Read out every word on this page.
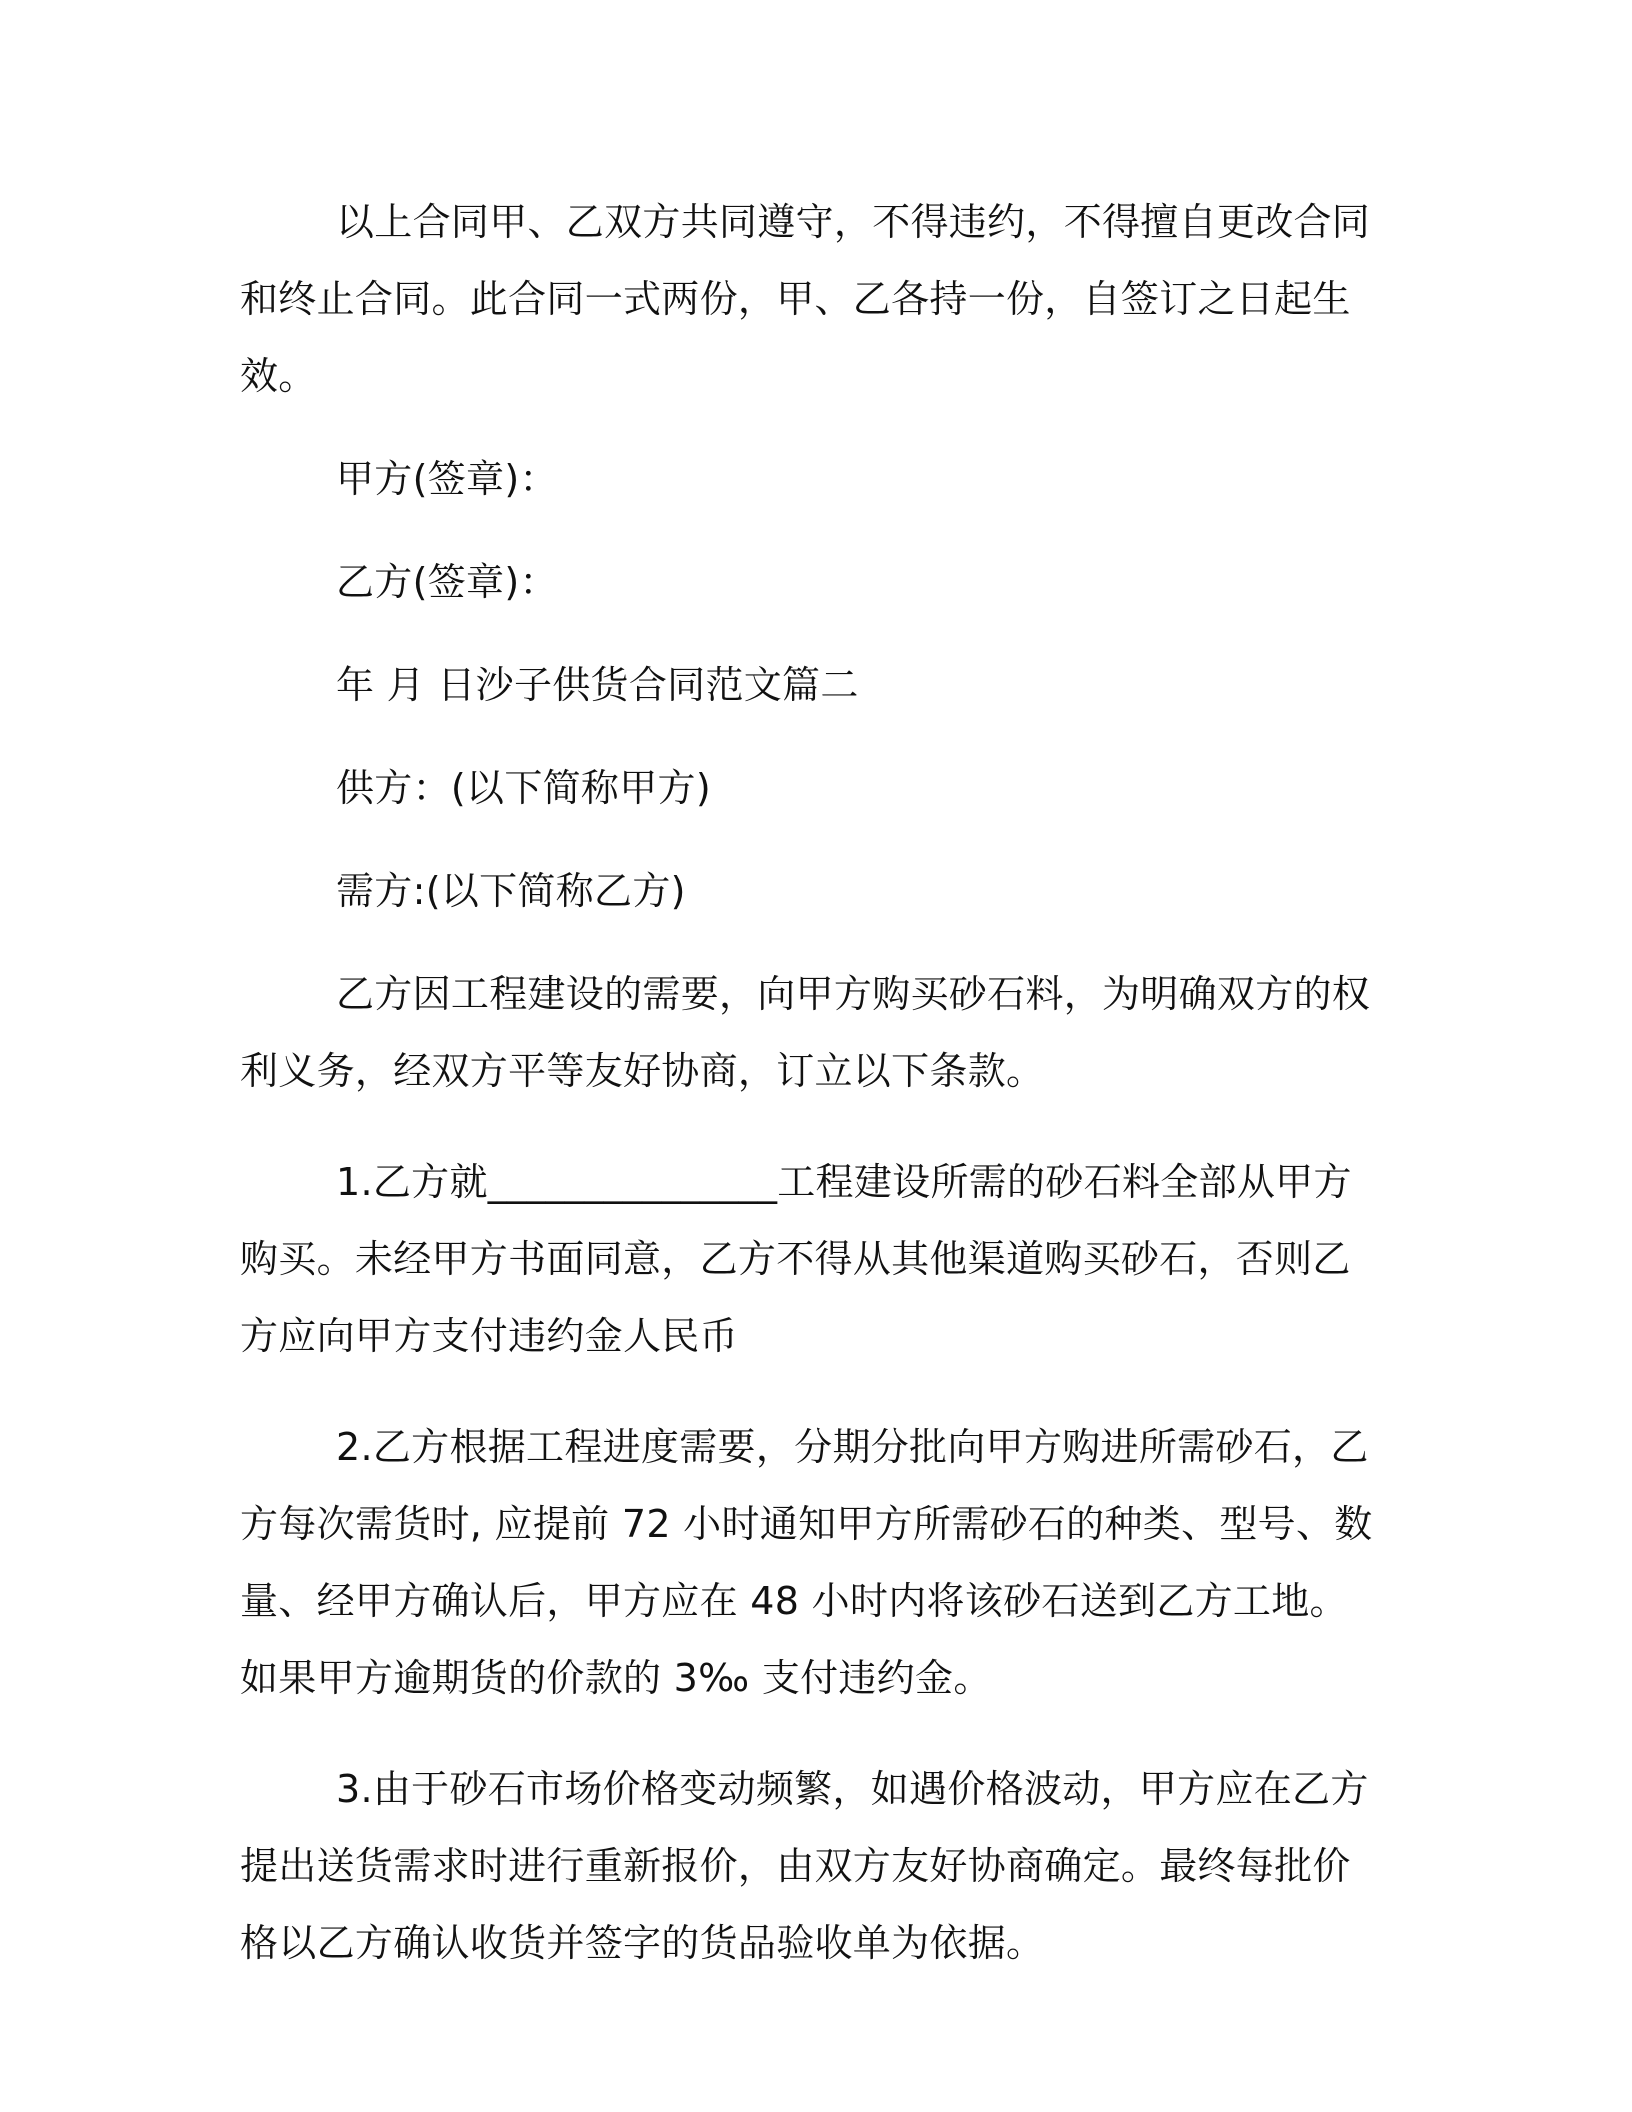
以上合同甲、乙双方共同遵守，不得违约，不得擅自更改合同和终止合同。此合同一式两份，甲、乙各持一份，自签订之日起生效。

甲方(签章)：

乙方(签章)：

年 月 日沙子供货合同范文篇二

供方：(以下简称甲方)

需方:(以下简称乙方)

乙方因工程建设的需要，向甲方购买砂石料，为明确双方的权利义务，经双方平等友好协商，订立以下条款。

1.乙方就_______________工程建设所需的砂石料全部从甲方购买。未经甲方书面同意，乙方不得从其他渠道购买砂石，否则乙方应向甲方支付违约金人民币

2.乙方根据工程进度需要，分期分批向甲方购进所需砂石，乙方每次需货时, 应提前 72 小时通知甲方所需砂石的种类、型号、数量、经甲方确认后，甲方应在 48 小时内将该砂石送到乙方工地。如果甲方逾期货的价款的 3‰ 支付违约金。

3.由于砂石市场价格变动频繁，如遇价格波动，甲方应在乙方提出送货需求时进行重新报价，由双方友好协商确定。最终每批价格以乙方确认收货并签字的货品验收单为依据。
